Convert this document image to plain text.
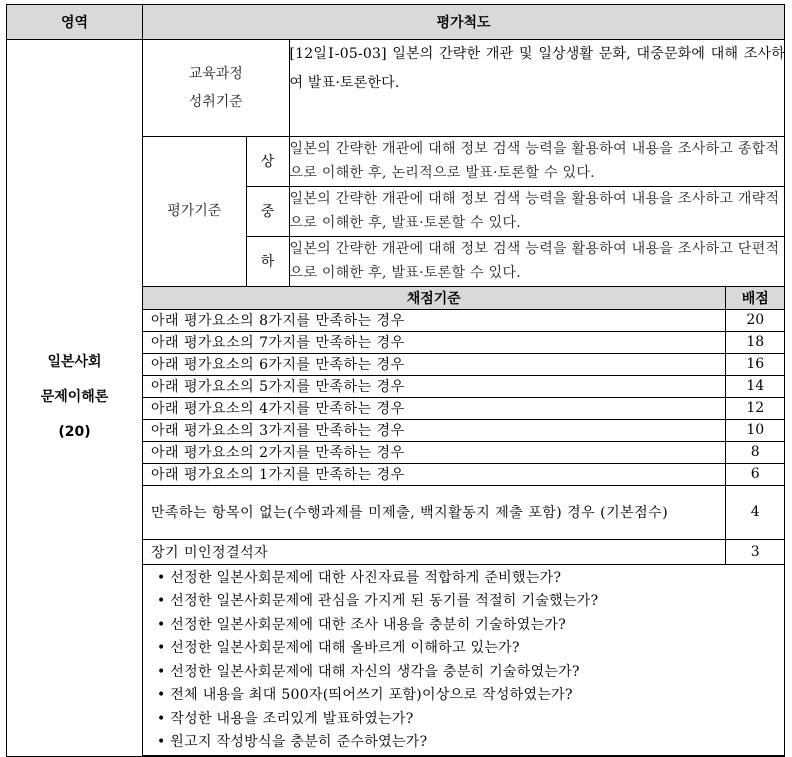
영역	평가척도
일본사회
문제이해론
(20)	
교육과정
성취기준	[12일Ⅰ-05-03] 일본의 간략한 개관 및 일상생활 문화, 대중문화에 대해 조사하여 발표·토론한다.
평가기준	상	일본의 간략한 개관에 대해 정보 검색 능력을 활용하여 내용을 조사하고 종합적으로 이해한 후, 논리적으로 발표·토론할 수 있다.
중	일본의 간략한 개관에 대해 정보 검색 능력을 활용하여 내용을 조사하고 개략적으로 이해한 후, 발표·토론할 수 있다.
하	일본의 간략한 개관에 대해 정보 검색 능력을 활용하여 내용을 조사하고 단편적으로 이해한 후, 발표·토론할 수 있다.
채점기준	배점
아래 평가요소의 8가지를 만족하는 경우	20
아래 평가요소의 7가지를 만족하는 경우	18
아래 평가요소의 6가지를 만족하는 경우	16
아래 평가요소의 5가지를 만족하는 경우	14
아래 평가요소의 4가지를 만족하는 경우	12
아래 평가요소의 3가지를 만족하는 경우	10
아래 평가요소의 2가지를 만족하는 경우	8
아래 평가요소의 1가지를 만족하는 경우	6
만족하는 항목이 없는(수행과제를 미제출, 백지활동지 제출 포함) 경우 (기본점수)	4
장기 미인정결석자	3

• 선정한 일본사회문제에 대한 사진자료를 적합하게 준비했는가?
• 선정한 일본사회문제에 관심을 가지게 된 동기를 적절히 기술했는가?
• 선정한 일본사회문제에 대한 조사 내용을 충분히 기술하였는가?
• 선정한 일본사회문제에 대해 올바르게 이해하고 있는가?
• 선정한 일본사회문제에 대해 자신의 생각을 충분히 기술하였는가?
• 전체 내용을 최대 500자(띄어쓰기 포함)이상으로 작성하였는가?
• 작성한 내용을 조리있게 발표하였는가?
• 원고지 작성방식을 충분히 준수하였는가?
